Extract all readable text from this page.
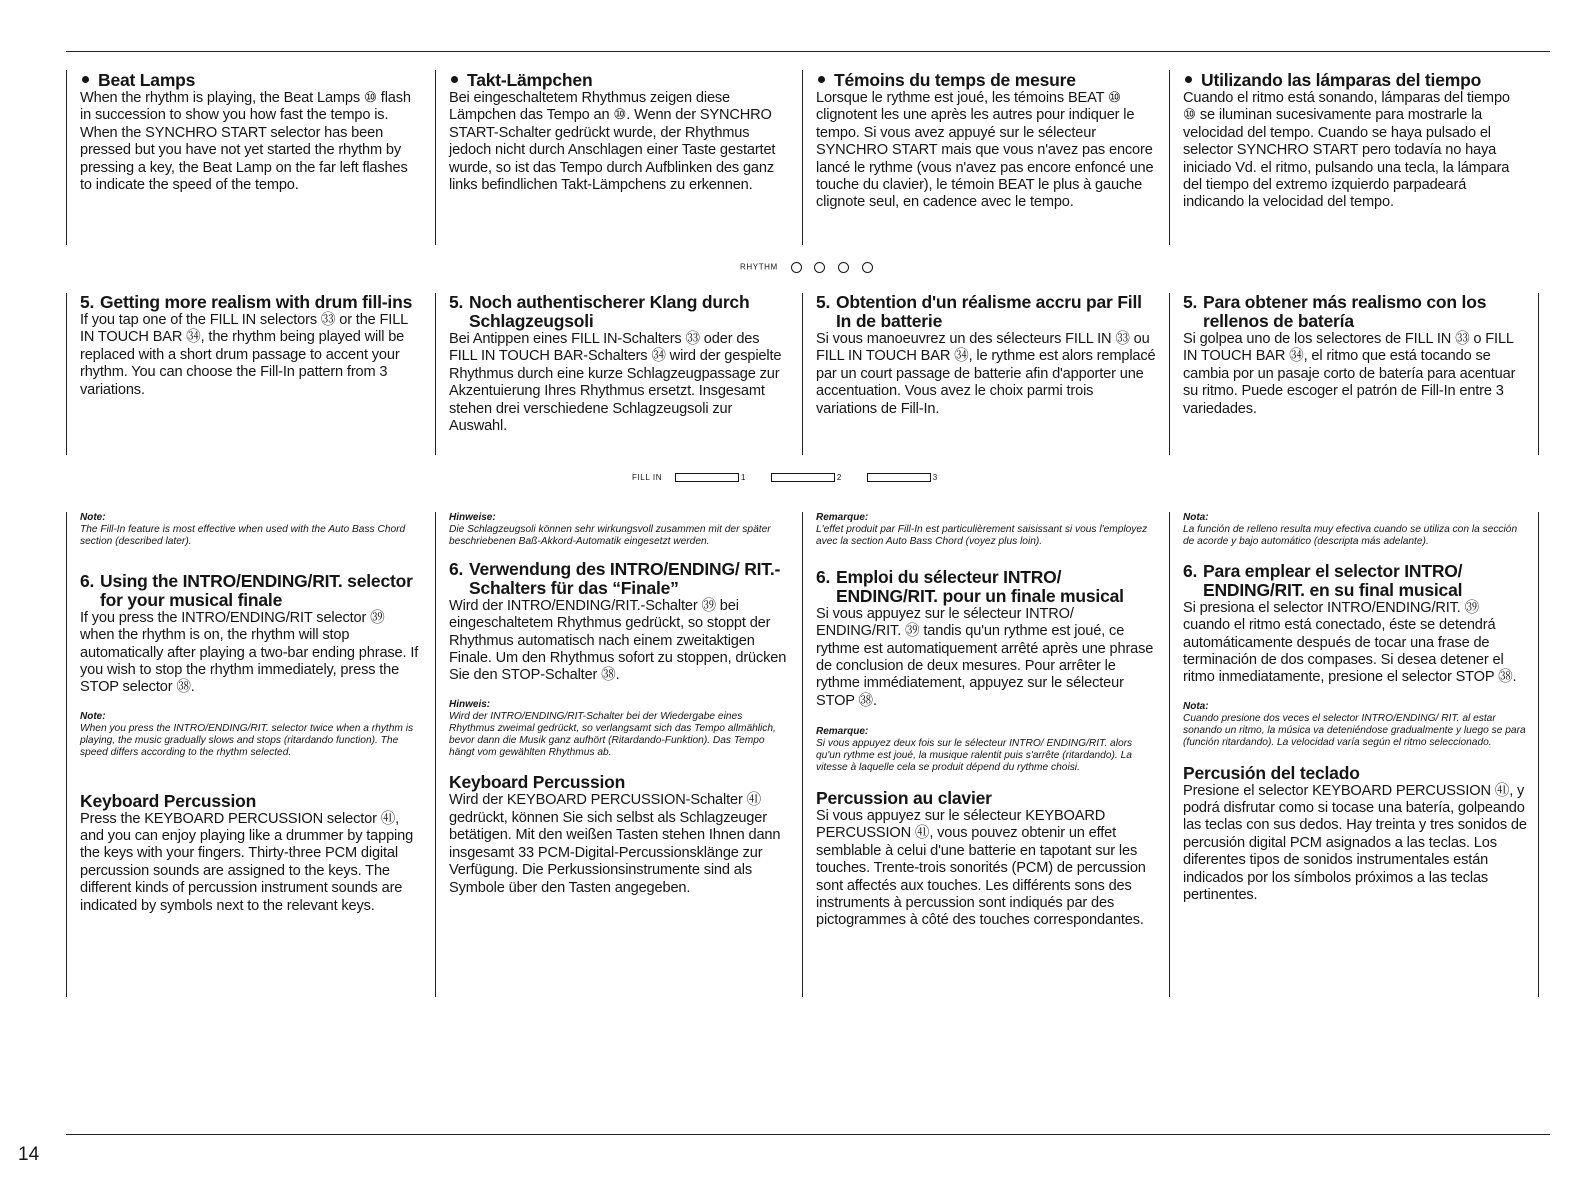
Beat Lamps

When the rhythm is playing, the Beat Lamps ⑩ flash in succession to show you how fast the tempo is. When the SYNCHRO START selector has been pressed but you have not yet started the rhythm by pressing a key, the Beat Lamp on the far left flashes to indicate the speed of the tempo.

Takt-Lämpchen

Bei eingeschaltetem Rhythmus zeigen diese Lämpchen das Tempo an ⑩. Wenn der SYNCHRO START-Schalter gedrückt wurde, der Rhythmus jedoch nicht durch Anschlagen einer Taste gestartet wurde, so ist das Tempo durch Aufblinken des ganz links befindlichen Takt-Lämpchens zu erkennen.

Témoins du temps de mesure

Lorsque le rythme est joué, les témoins BEAT ⑩ clignotent les une après les autres pour indiquer le tempo. Si vous avez appuyé sur le sélecteur SYNCHRO START mais que vous n'avez pas encore lancé le rythme (vous n'avez pas encore enfoncé une touche du clavier), le témoin BEAT le plus à gauche clignote seul, en cadence avec le tempo.

Utilizando las lámparas del tiempo

Cuando el ritmo está sonando, lámparas del tiempo ⑩ se iluminan sucesivamente para mostrarle la velocidad del tempo. Cuando se haya pulsado el selector SYNCHRO START pero todavía no haya iniciado Vd. el ritmo, pulsando una tecla, la lámpara del tiempo del extremo izquierdo parpadeará indicando la velocidad del tempo.

RHYTHM
5. Getting more realism with drum fill-ins

If you tap one of the FILL IN selectors ㉝ or the FILL IN TOUCH BAR ㉞, the rhythm being played will be replaced with a short drum passage to accent your rhythm. You can choose the Fill-In pattern from 3 variations.

5. Noch authentischerer Klang durch Schlagzeugsoli

Bei Antippen eines FILL IN-Schalters ㉝ oder des FILL IN TOUCH BAR-Schalters ㉞ wird der gespielte Rhythmus durch eine kurze Schlagzeugpassage zur Akzentuierung Ihres Rhythmus ersetzt. Insgesamt stehen drei verschiedene Schlagzeugsoli zur Auswahl.

5. Obtention d'un réalisme accru par Fill In de batterie

Si vous manoeuvrez un des sélecteurs FILL IN ㉝ ou FILL IN TOUCH BAR ㉞, le rythme est alors remplacé par un court passage de batterie afin d'apporter une accentuation. Vous avez le choix parmi trois variations de Fill-In.

5. Para obtener más realismo con los rellenos de batería

Si golpea uno de los selectores de FILL IN ㉝ o FILL IN TOUCH BAR ㉞, el ritmo que está tocando se cambia por un pasaje corto de batería para acentuar su ritmo. Puede escoger el patrón de Fill-In entre 3 variedades.

FILL IN	1	2	3

Note:

The Fill-In feature is most effective when used with the Auto Bass Chord section (described later).

6. Using the INTRO/ENDING/RIT. selector for your musical finale

If you press the INTRO/ENDING/RIT selector ㊴ when the rhythm is on, the rhythm will stop automatically after playing a two-bar ending phrase. If you wish to stop the rhythm immediately, press the STOP selector ㊳.

Note:

When you press the INTRO/ENDING/RIT. selector twice when a rhythm is playing, the music gradually slows and stops (ritardando function). The speed differs according to the rhythm selected.

Keyboard Percussion

Press the KEYBOARD PERCUSSION selector ㊶, and you can enjoy playing like a drummer by tapping the keys with your fingers. Thirty-three PCM digital percussion sounds are assigned to the keys. The different kinds of percussion instrument sounds are indicated by symbols next to the relevant keys.

Hinweise:

Die Schlagzeugsoli können sehr wirkungsvoll zusammen mit der später beschriebenen Baß-Akkord-Automatik eingesetzt werden.

6. Verwendung des INTRO/ENDING/ RIT.-Schalters für das “Finale”

Wird der INTRO/ENDING/RIT.-Schalter ㊴ bei eingeschaltetem Rhythmus gedrückt, so stoppt der Rhythmus automatisch nach einem zweitaktigen Finale. Um den Rhythmus sofort zu stoppen, drücken Sie den STOP-Schalter ㊳.

Hinweis:

Wird der INTRO/ENDING/RIT-Schalter bei der Wiedergabe eines Rhythmus zweimal gedrückt, so verlangsamt sich das Tempo allmählich, bevor dann die Musik ganz aufhört (Ritardando-Funktion). Das Tempo hängt vom gewählten Rhythmus ab.

Keyboard Percussion

Wird der KEYBOARD PERCUSSION-Schalter ㊶ gedrückt, können Sie sich selbst als Schlagzeuger betätigen. Mit den weißen Tasten stehen Ihnen dann insgesamt 33 PCM-Digital-Percussionsklänge zur Verfügung. Die Perkussionsinstrumente sind als Symbole über den Tasten angegeben.

Remarque:

L'effet produit par Fill-In est particulièrement saisissant si vous l'employez avec la section Auto Bass Chord (voyez plus loin).

6. Emploi du sélecteur INTRO/ ENDING/RIT. pour un finale musical

Si vous appuyez sur le sélecteur INTRO/ ENDING/RIT. ㊴ tandis qu'un rythme est joué, ce rythme est automatiquement arrêté après une phrase de conclusion de deux mesures. Pour arrêter le rythme immédiatement, appuyez sur le sélecteur STOP ㊳.

Remarque:

Si vous appuyez deux fois sur le sélecteur INTRO/ ENDING/RIT. alors qu'un rythme est joué, la musique ralentit puis s'arrête (ritardando). La vitesse à laquelle cela se produit dépend du rythme choisi.

Percussion au clavier

Si vous appuyez sur le sélecteur KEYBOARD PERCUSSION ㊶, vous pouvez obtenir un effet semblable à celui d'une batterie en tapotant sur les touches. Trente-trois sonorités (PCM) de percussion sont affectés aux touches. Les différents sons des instruments à percussion sont indiqués par des pictogrammes à côté des touches correspondantes.

Nota:

La función de relleno resulta muy efectiva cuando se utiliza con la sección de acorde y bajo automático (descripta más adelante).

6. Para emplear el selector INTRO/ ENDING/RIT. en su final musical

Si presiona el selector INTRO/ENDING/RIT. ㊴ cuando el ritmo está conectado, éste se detendrá automáticamente después de tocar una frase de terminación de dos compases. Si desea detener el ritmo inmediatamente, presione el selector STOP ㊳.

Nota:

Cuando presione dos veces el selector INTRO/ENDING/ RIT. al estar sonando un ritmo, la música va deteniéndose gradualmente y luego se para (función ritardando). La velocidad varía según el ritmo seleccionado.

Percusión del teclado

Presione el selector KEYBOARD PERCUSSION ㊶, y podrá disfrutar como si tocase una batería, golpeando las teclas con sus dedos. Hay treinta y tres sonidos de percusión digital PCM asignados a las teclas. Los diferentes tipos de sonidos instrumentales están indicados por los símbolos próximos a las teclas pertinentes.

14
